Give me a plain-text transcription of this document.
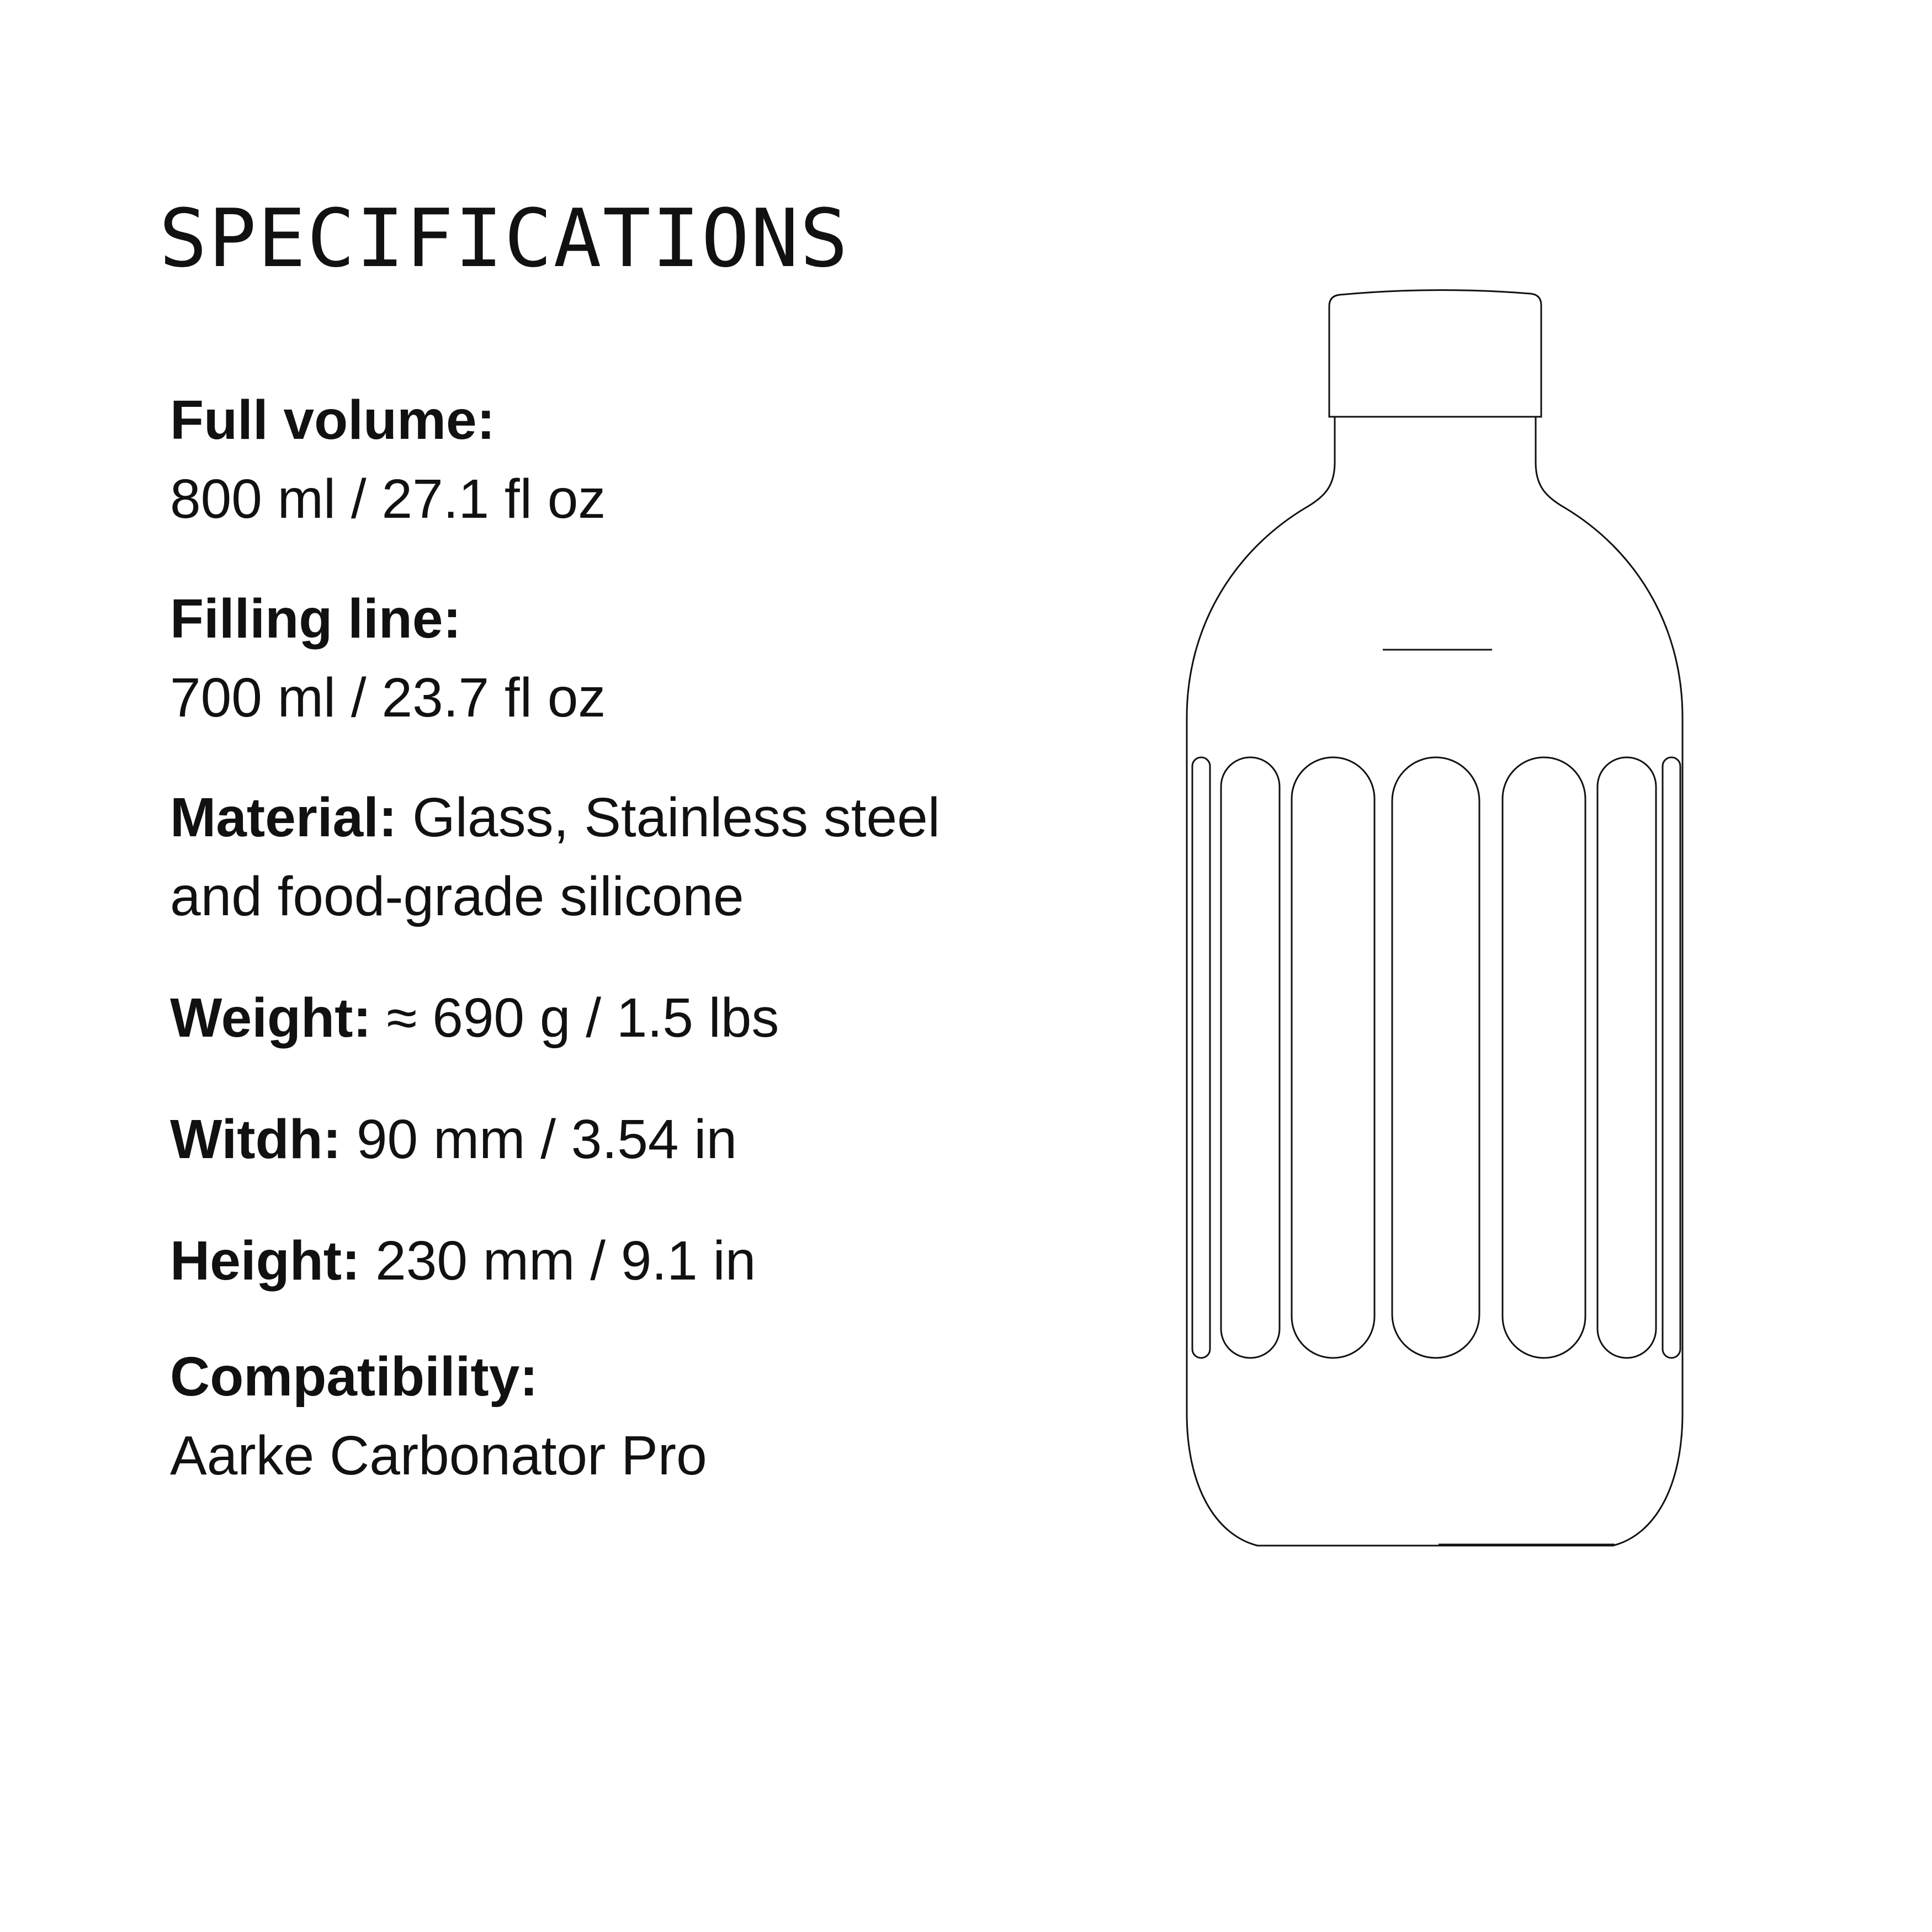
SPECIFICATIONS
Full volume:
800 ml / 27.1 fl oz
Filling line:
700 ml / 23.7 fl oz
Material: Glass, Stainless steel
and food-grade silicone
Weight: ≈ 690 g / 1.5 lbs
Witdh: 90 mm / 3.54 in
Height: 230 mm / 9.1 in
Compatibility:
Aarke Carbonator Pro
